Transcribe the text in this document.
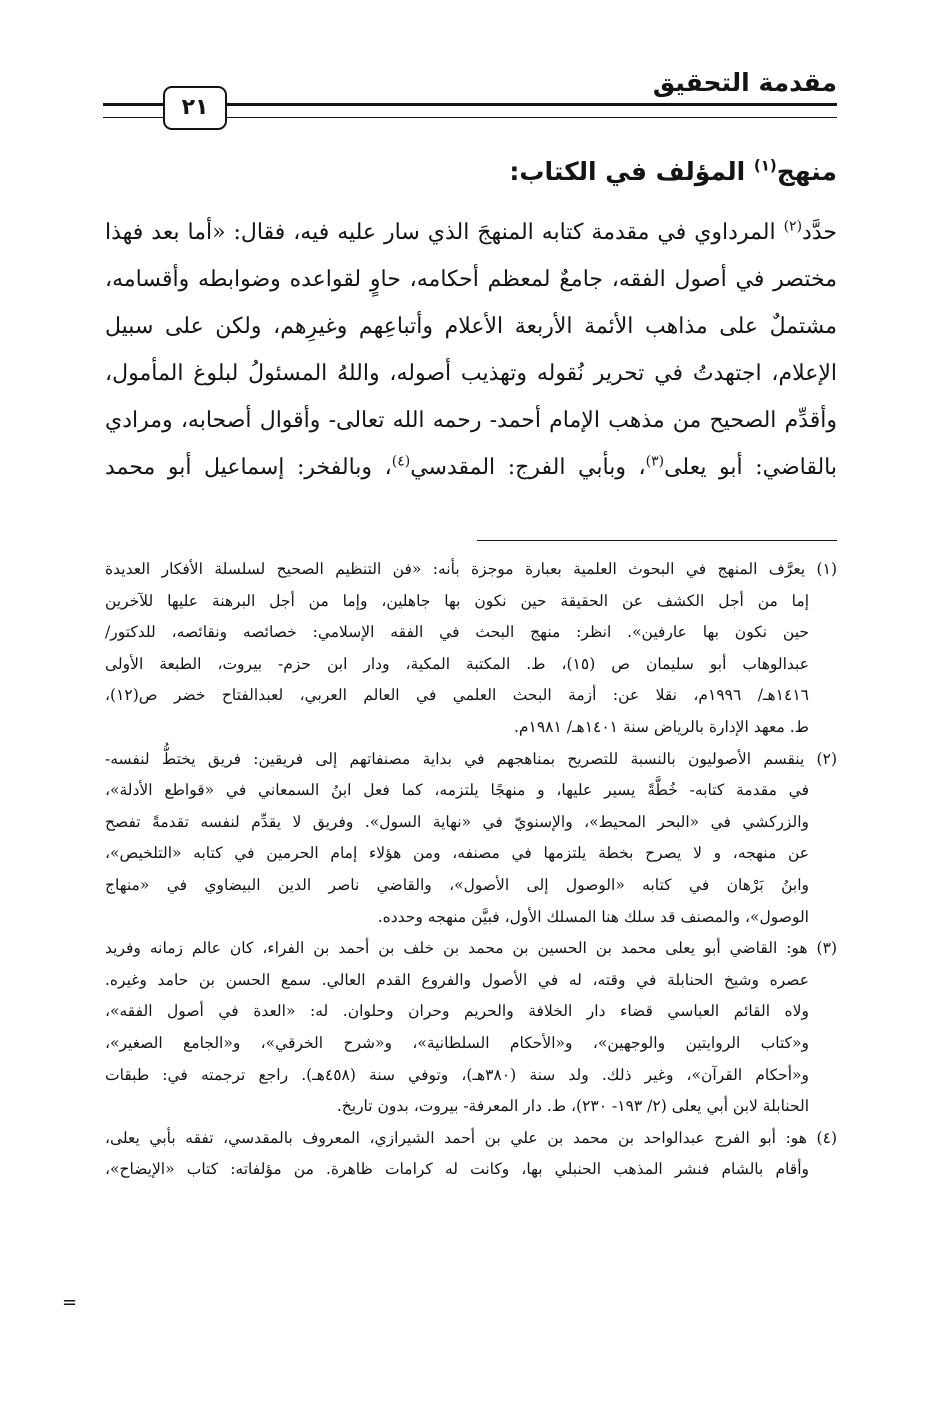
مقدمة التحقيق
٢١
منهج$^{(١)}$ المؤلف في الكتاب:
حدَّد$^{(٢)}$ المرداوي في مقدمة كتابه المنهجَ الذي سار عليه فيه، فقال: «أما بعد فهذا
مختصر في أصول الفقه، جامعٌ لمعظم أحكامه، حاوٍ لقواعده وضوابطه وأقسامه،
مشتملٌ على مذاهب الأئمة الأربعة الأعلام وأتباعِهم وغيرِهم، ولكن على سبيل
الإعلام، اجتهدتُ في تحرير نُقوله وتهذيب أصوله، واللهُ المسئولُ لبلوغ المأمول،
وأقدِّم الصحيح من مذهب الإمام أحمد- رحمه الله تعالى- وأقوال أصحابه، ومرادي
بالقاضي: أبو يعلى$^{(٣)}$، وبأبي الفرج: المقدسي$^{(٤)}$، وبالفخر: إسماعيل أبو محمد
(١) يعرَّف المنهج في البحوث العلمية بعبارة موجزة بأنه: «فن التنظيم الصحيح لسلسلة الأفكار العديدة
إما من أجل الكشف عن الحقيقة حين نكون بها جاهلين، وإما من أجل البرهنة عليها للآخرين
حين نكون بها عارفين». انظر: منهج البحث في الفقه الإسلامي: خصائصه ونقائصه، للدكتور/
عبدالوهاب أبو سليمان ص (١٥)، ط. المكتبة المكية، ودار ابن حزم- بيروت، الطبعة الأولى
١٤١٦هـ/ ١٩٩٦م، نقلا عن: أزمة البحث العلمي في العالم العربي، لعبدالفتاح خضر ص(١٢)،
ط. معهد الإدارة بالرياض سنة ١٤٠١هـ/ ١٩٨١م.
(٢) ينقسم الأصوليون بالنسبة للتصريح بمناهجهم في بداية مصنفاتهم إلى فريقين: فريق يختطُّ لنفسه-
في مقدمة كتابه- خُطَّةً يسير عليها، و منهجًا يلتزمه، كما فعل ابنُ السمعاني في «قواطع الأدلة»،
والزركشي في «البحر المحيط»، والإسنويّ في «نهاية السول». وفريق لا يقدِّم لنفسه تقدمةً تفصح
عن منهجه، و لا يصرح بخطة يلتزمها في مصنفه، ومن هؤلاء إمام الحرمين في كتابه «التلخيص»،
وابنُ بَرْهان في كتابه «الوصول إلى الأصول»، والقاضي ناصر الدين البيضاوي في «منهاج
الوصول»، والمصنف قد سلك هنا المسلك الأول، فبيَّن منهجه وحدده.
(٣) هو: القاضي أبو يعلى محمد بن الحسين بن محمد بن خلف بن أحمد بن الفراء، كان عالم زمانه وفريد
عصره وشيخ الحنابلة في وقته، له في الأصول والفروع القدم العالي. سمع الحسن بن حامد وغيره.
ولاه القائم العباسي قضاء دار الخلافة والحريم وحران وحلوان. له: «العدة في أصول الفقه»،
و«كتاب الروايتين والوجهين»، و«الأحكام السلطانية»، و«شرح الخرقي»، و«الجامع الصغير»،
و«أحكام القرآن»، وغير ذلك. ولد سنة (٣٨٠هـ)، وتوفي سنة (٤٥٨هـ). راجع ترجمته في: طبقات
الحنابلة لابن أبي يعلى (٢/ ١٩٣- ٢٣٠)، ط. دار المعرفة- بيروت، بدون تاريخ.
(٤) هو: أبو الفرج عبدالواحد بن محمد بن علي بن أحمد الشيرازي، المعروف بالمقدسي، تفقه بأبي يعلى،
وأقام بالشام فنشر المذهب الحنبلي بها، وكانت له كرامات ظاهرة. من مؤلفاته: كتاب «الإيضاح»،
=
